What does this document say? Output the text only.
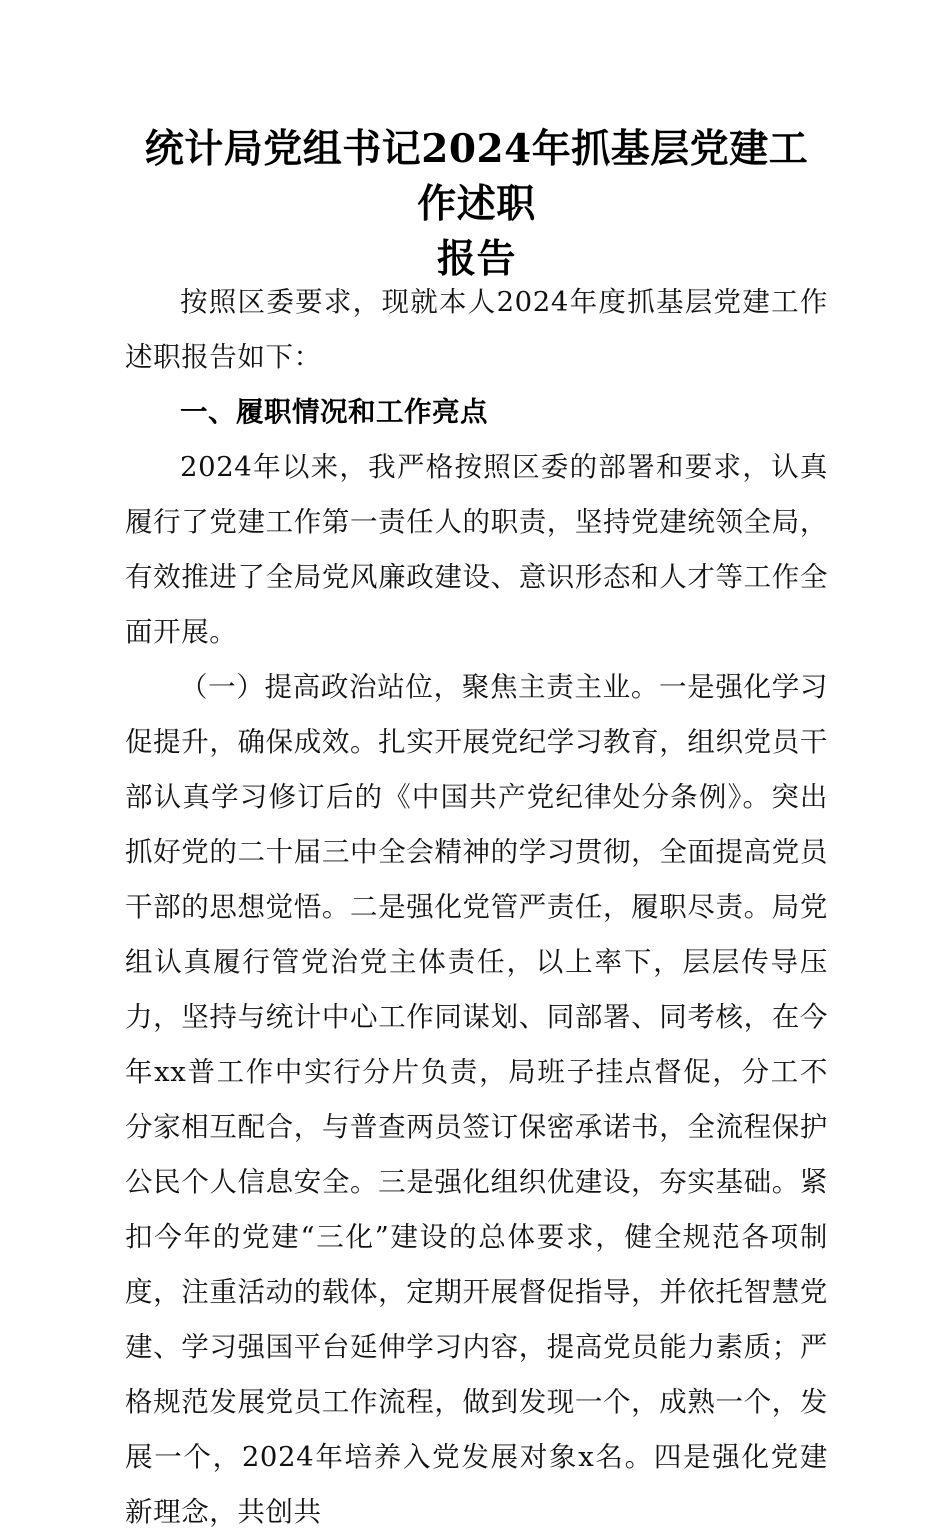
统计局党组书记2024年抓基层党建工作述职
报告

按照区委要求，现就本人2024年度抓基层党建工作述职报告如下：

一、履职情况和工作亮点

2024年以来，我严格按照区委的部署和要求，认真履行了党建工作第一责任人的职责，坚持党建统领全局，有效推进了全局党风廉政建设、意识形态和人才等工作全面开展。

（一）提高政治站位，聚焦主责主业。一是强化学习促提升，确保成效。扎实开展党纪学习教育，组织党员干部认真学习修订后的《中国共产党纪律处分条例》。突出抓好党的二十届三中全会精神的学习贯彻，全面提高党员干部的思想觉悟。二是强化党管严责任，履职尽责。局党组认真履行管党治党主体责任，以上率下，层层传导压力，坚持与统计中心工作同谋划、同部署、同考核，在今年xx普工作中实行分片负责，局班子挂点督促，分工不分家相互配合，与普查两员签订保密承诺书，全流程保护公民个人信息安全。三是强化组织优建设，夯实基础。紧扣今年的党建“三化”建设的总体要求，健全规范各项制度，注重活动的载体，定期开展督促指导，并依托智慧党建、学习强国平台延伸学习内容，提高党员能力素质；严格规范发展党员工作流程，做到发现一个，成熟一个，发展一个，2024年培养入党发展对象x名。四是强化党建新理念，共创共
